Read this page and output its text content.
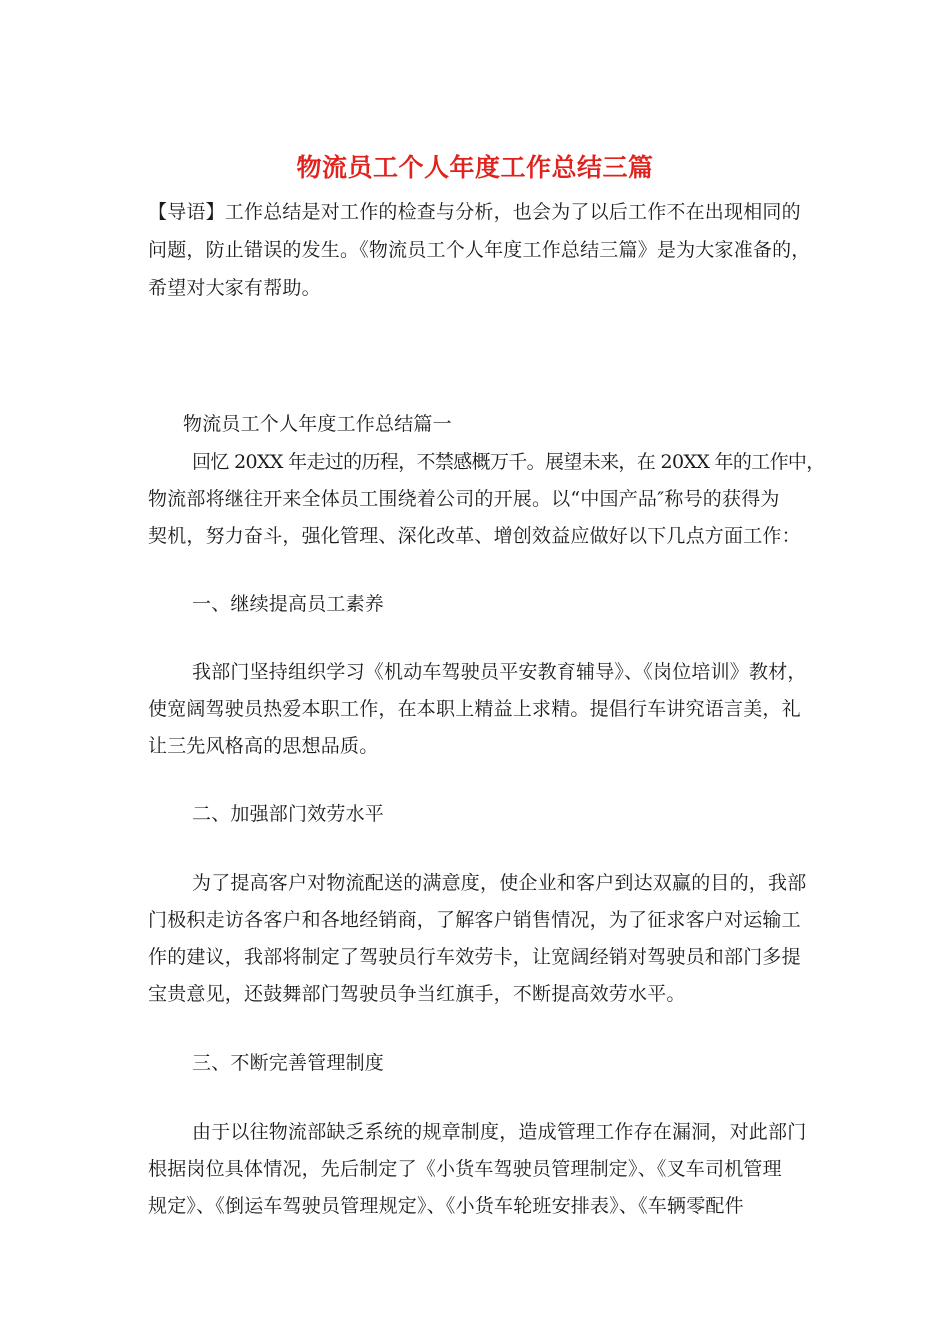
物流员工个人年度工作总结三篇
【导语】工作总结是对工作的检查与分析，也会为了以后工作不在出现相同的
问题，防止错误的发生。《物流员工个人年度工作总结三篇》是为大家准备的，
希望对大家有帮助。
物流员工个人年度工作总结篇一
回忆 20XX 年走过的历程，不禁感概万千。展望未来，在 20XX 年的工作中，
物流部将继往开来全体员工围绕着公司的开展。以“中国产品″称号的获得为
契机，努力奋斗，强化管理、深化改革、增创效益应做好以下几点方面工作：
一、继续提高员工素养
我部门坚持组织学习《机动车驾驶员平安教育辅导》、《岗位培训》教材，
使宽阔驾驶员热爱本职工作，在本职上精益上求精。提倡行车讲究语言美，礼
让三先风格高的思想品质。
二、加强部门效劳水平
为了提高客户对物流配送的满意度，使企业和客户到达双赢的目的，我部
门极积走访各客户和各地经销商，了解客户销售情况，为了征求客户对运输工
作的建议，我部将制定了驾驶员行车效劳卡，让宽阔经销对驾驶员和部门多提
宝贵意见，还鼓舞部门驾驶员争当红旗手，不断提高效劳水平。
三、不断完善管理制度
由于以往物流部缺乏系统的规章制度，造成管理工作存在漏洞，对此部门
根据岗位具体情况，先后制定了《小货车驾驶员管理制定》、《叉车司机管理
规定》、《倒运车驾驶员管理规定》、《小货车轮班安排表》、《车辆零配件
